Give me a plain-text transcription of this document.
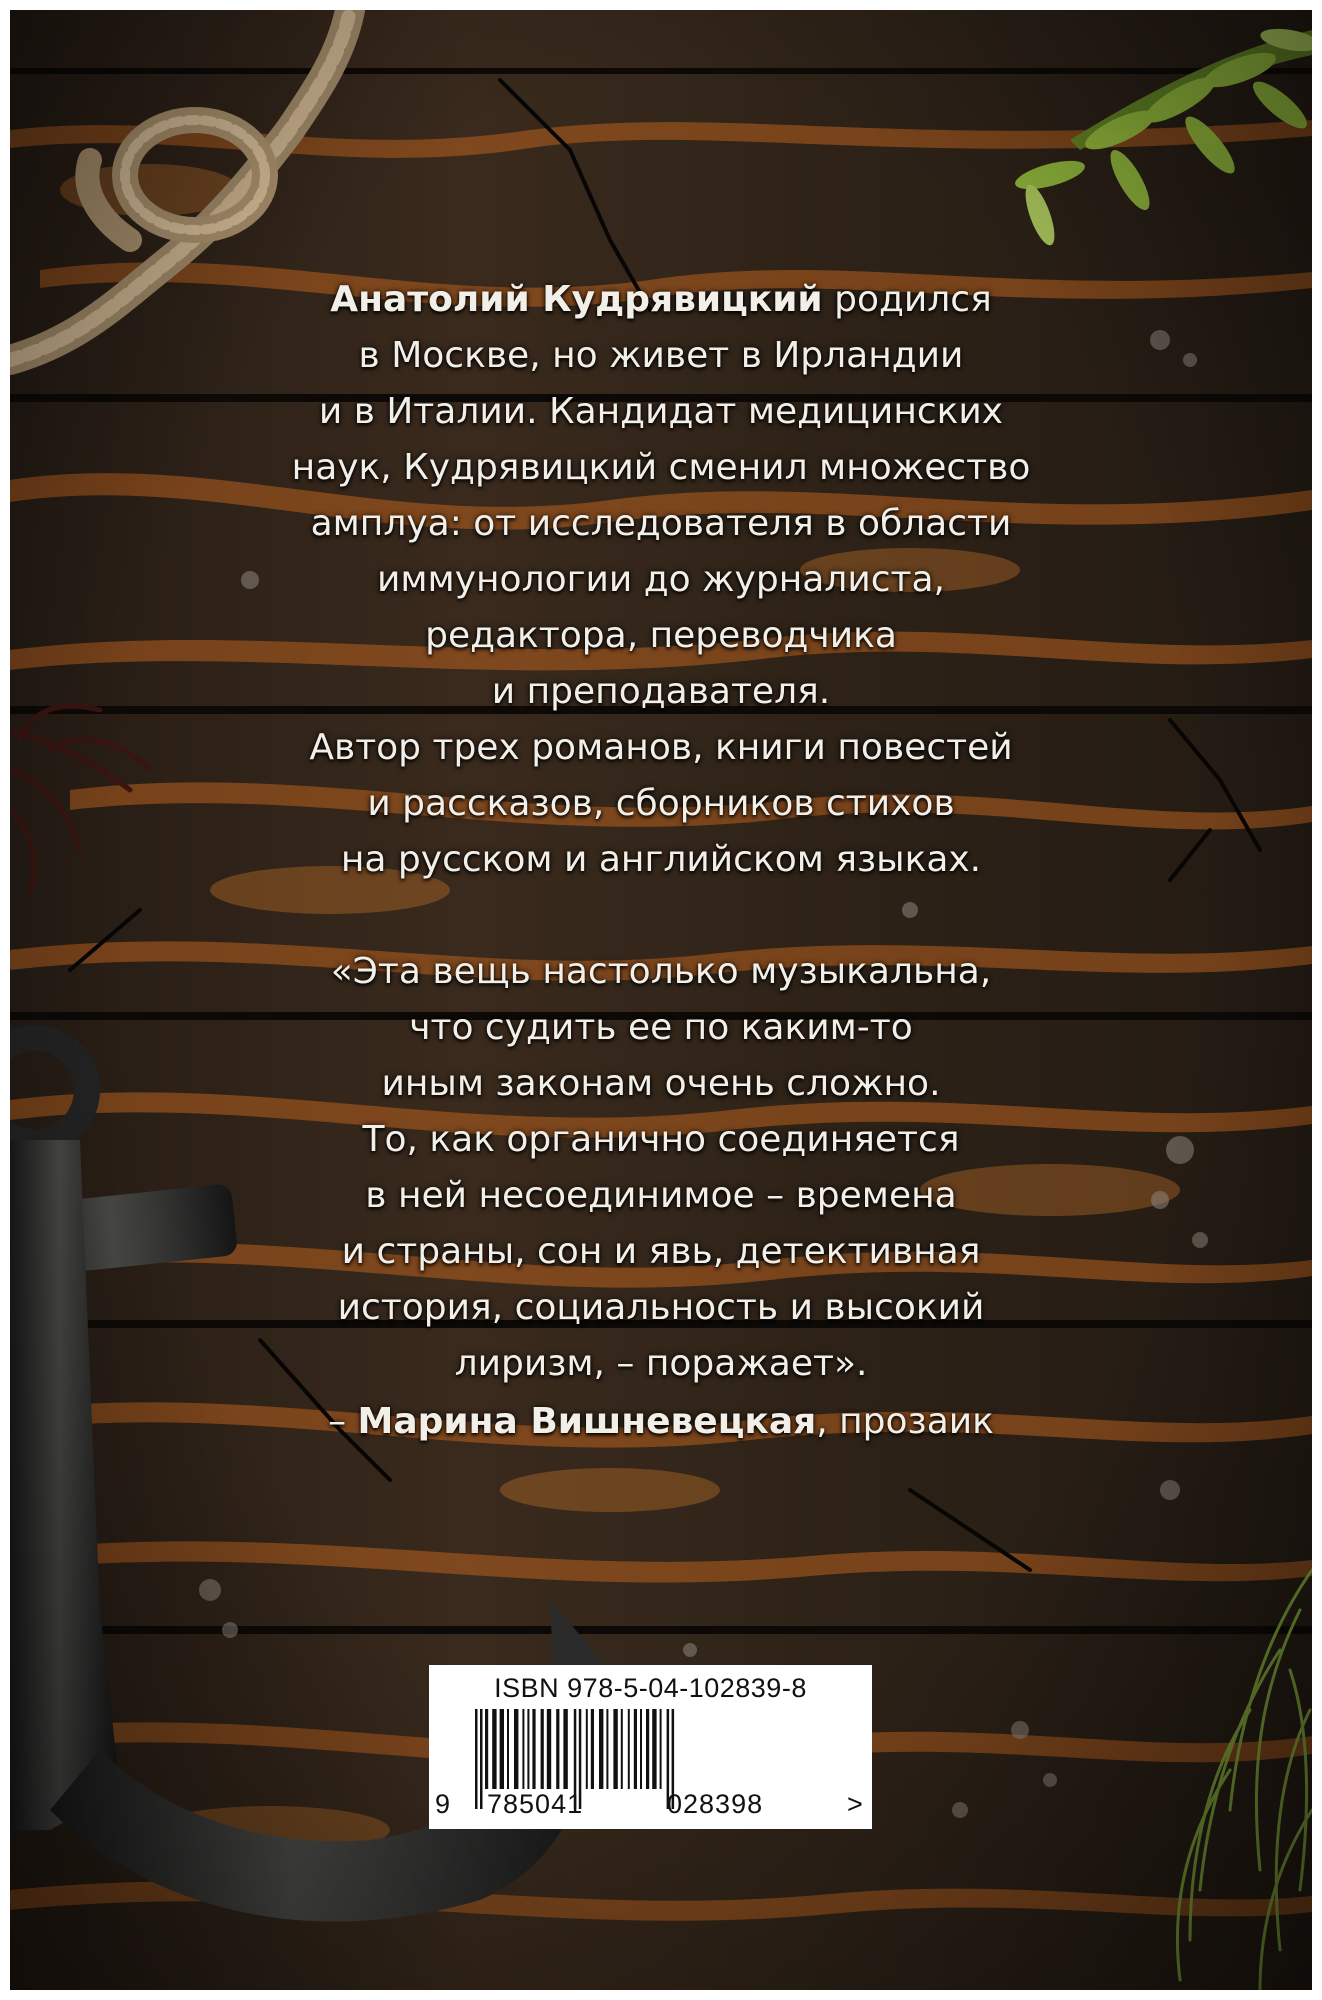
Анатолий Кудрявицкий родился
в Москве, но живет в Ирландии
и в Италии. Кандидат медицинских
наук, Кудрявицкий сменил множество
амплуа: от исследователя в области
иммунологии до журналиста,
редактора, переводчика
и преподавателя.
Автор трех романов, книги повестей
и рассказов, сборников стихов
на русском и английском языках.
«Эта вещь настолько музыкальна,
что судить ее по каким-то
иным законам очень сложно.
То, как органично соединяется
в ней несоединимое – времена
и страны, сон и явь, детективная
история, социальность и высокий
лиризм, – поражает».
– Марина Вишневецкая, прозаик
ISBN 978-5-04-102839-8
9 785041	028398	>
